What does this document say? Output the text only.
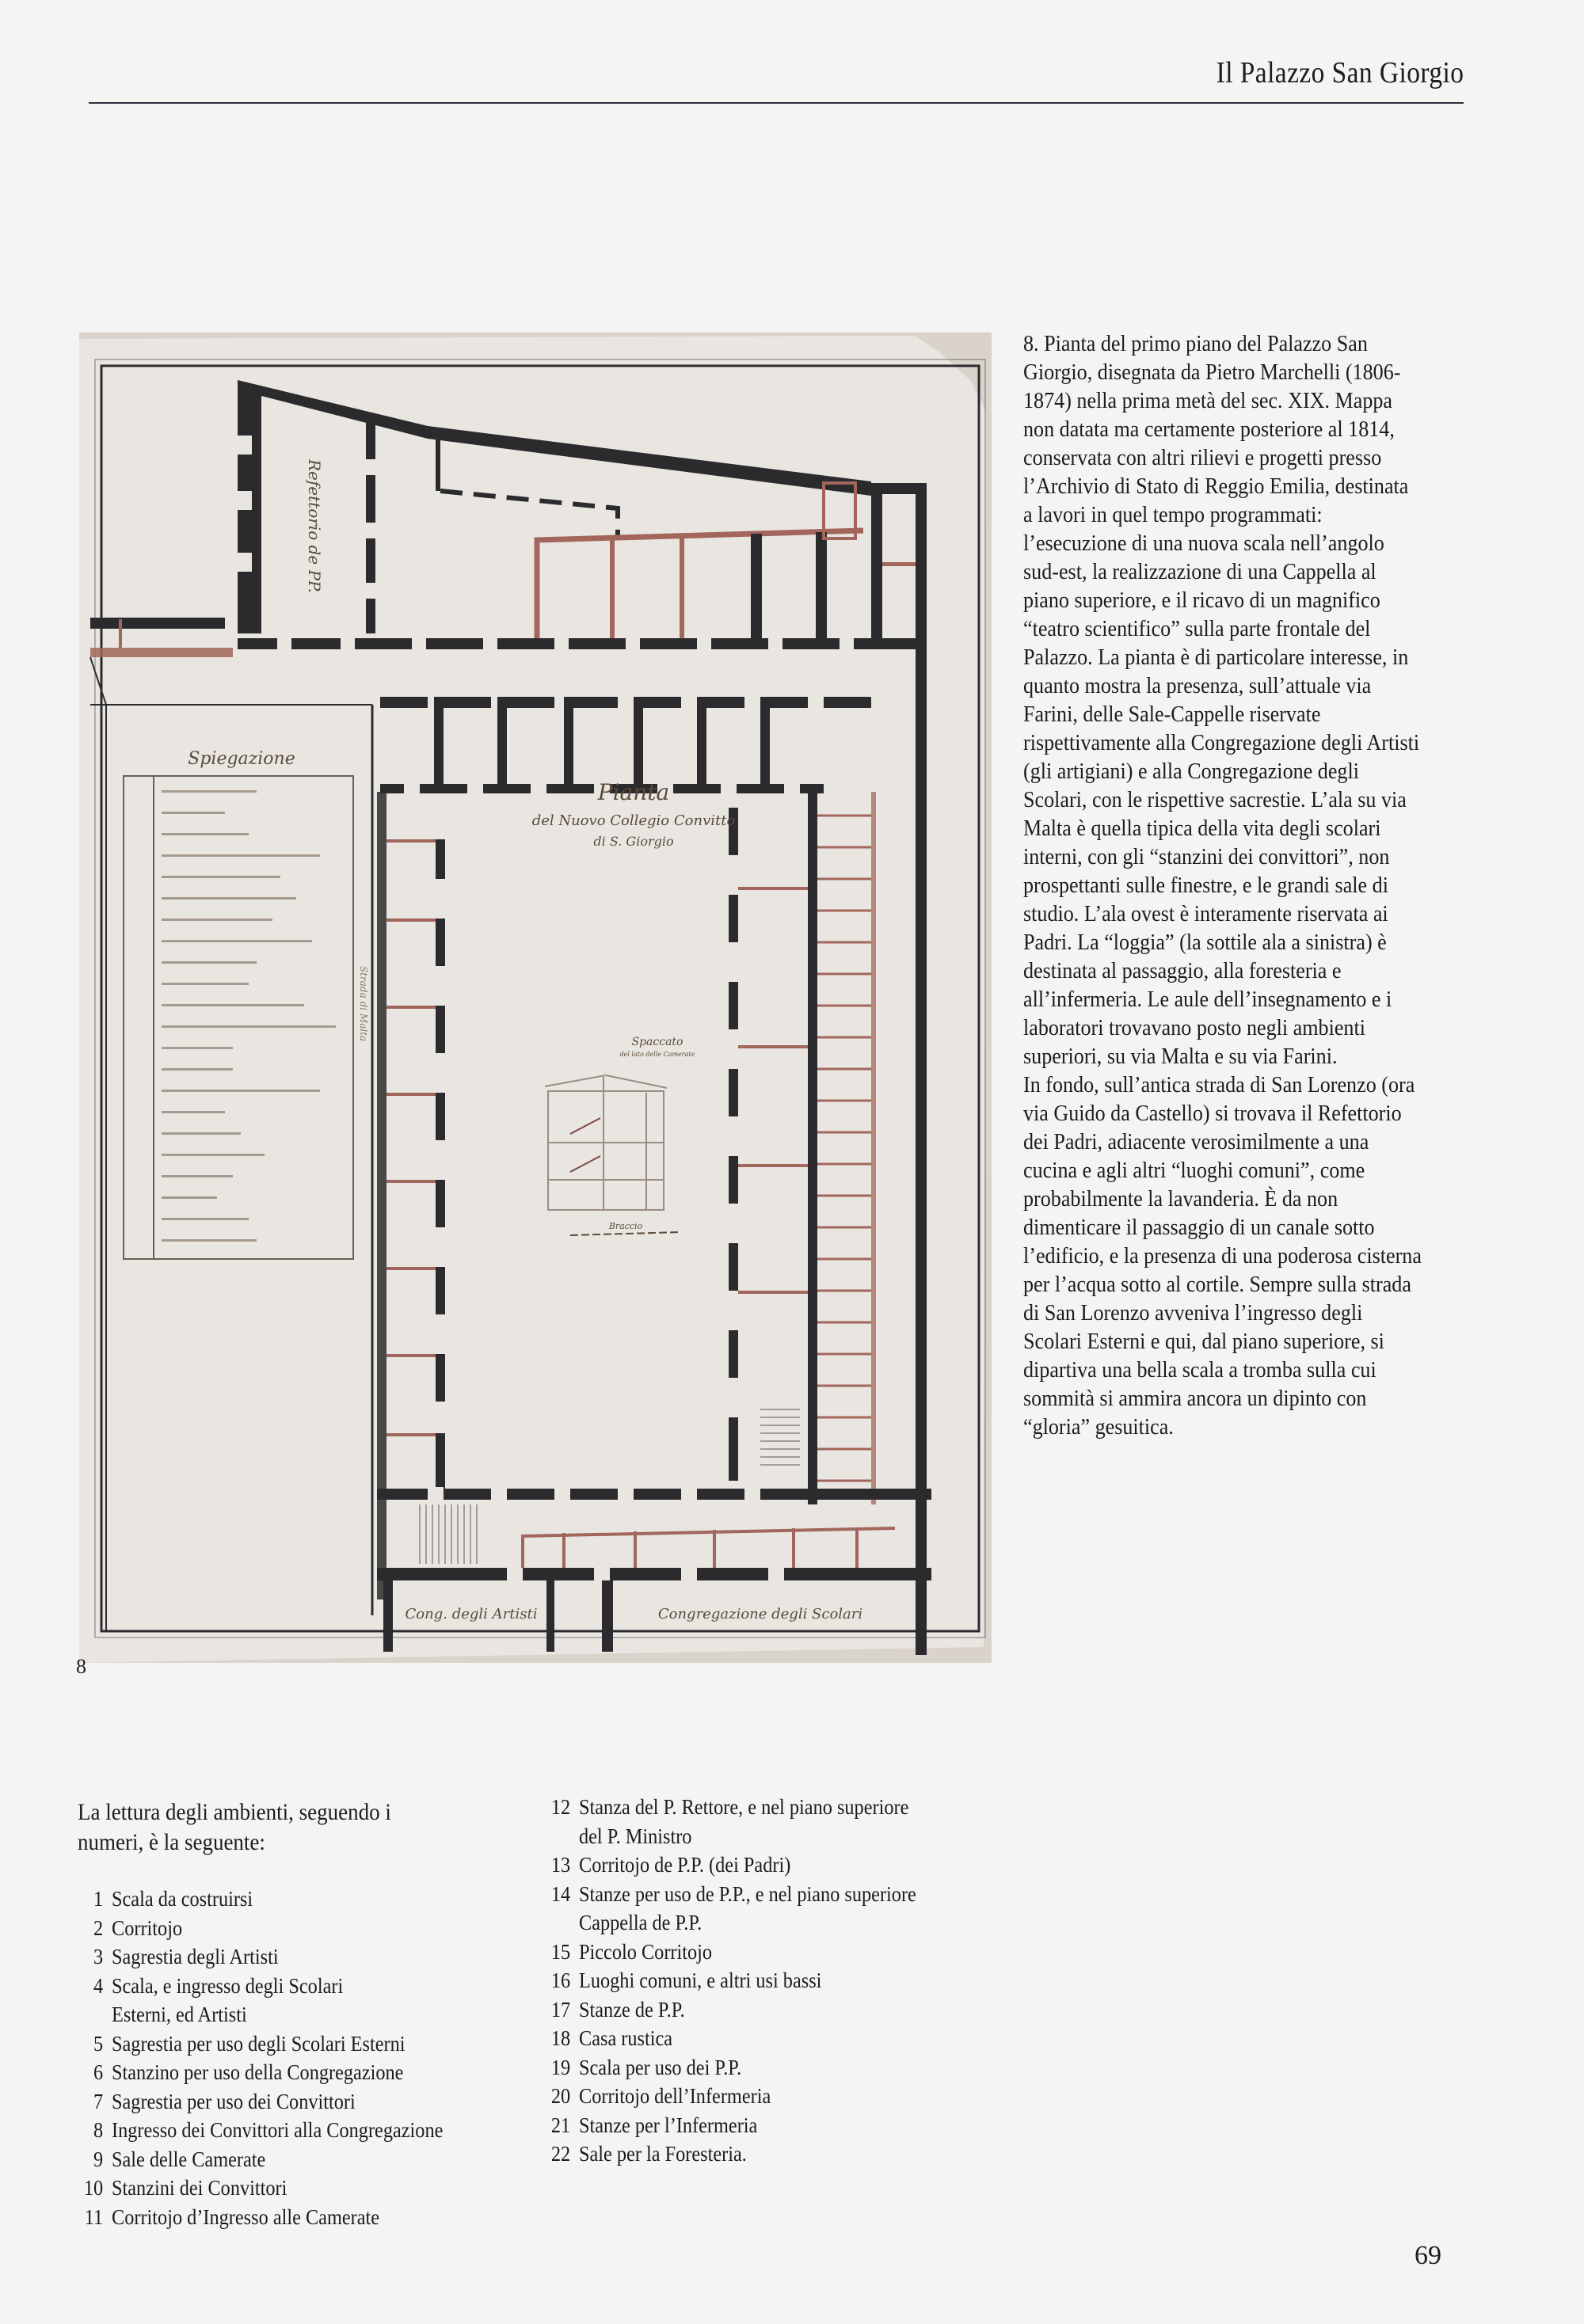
Il Palazzo San Giorgio
Spiegazione
Pianta
del Nuovo Collegio Convitto
di S. Giorgio
Refettorio de PP.
Strada di Malta
Spaccato
del lato delle Camerate
Braccio
Cong. degli Artisti	Congregazione degli Scolari
8

8. Pianta del primo piano del Palazzo San Giorgio, disegnata da Pietro Marchelli (1806-1874) nella prima metà del sec. XIX. Mappa non datata ma certamente posteriore al 1814, conservata con altri rilievi e progetti presso l’Archivio di Stato di Reggio Emilia, destinata a lavori in quel tempo programmati: l’esecuzione di una nuova scala nell’angolo sud-est, la realizzazione di una Cappella al piano superiore, e il ricavo di un magnifico “teatro scientifico” sulla parte frontale del Palazzo. La pianta è di particolare interesse, in quanto mostra la presenza, sull’attuale via Farini, delle Sale-Cappelle riservate rispettivamente alla Congregazione degli Artisti (gli artigiani) e alla Congregazione degli Scolari, con le rispettive sacrestie. L’ala su via Malta è quella tipica della vita degli scolari interni, con gli “stanzini dei convittori”, non prospettanti sulle finestre, e le grandi sale di studio. L’ala ovest è interamente riservata ai Padri. La “loggia” (la sottile ala a sinistra) è destinata al passaggio, alla foresteria e all’infermeria. Le aule dell’insegnamento e i laboratori trovavano posto negli ambienti superiori, su via Malta e su via Farini.

In fondo, sull’antica strada di San Lorenzo (ora via Guido da Castello) si trovava il Refettorio dei Padri, adiacente verosimilmente a una cucina e agli altri “luoghi comuni”, come probabilmente la lavanderia. È da non dimenticare il passaggio di un canale sotto l’edificio, e la presenza di una poderosa cisterna per l’acqua sotto al cortile. Sempre sulla strada di San Lorenzo avveniva l’ingresso degli Scolari Esterni e qui, dal piano superiore, si dipartiva una bella scala a tromba sulla cui sommità si ammira ancora un dipinto con “gloria” gesuitica.

La lettura degli ambienti, seguendo i numeri, è la seguente:
1 Scala da costruirsi
2 Corritojo
3 Sagrestia degli Artisti
4 Scala, e ingresso degli Scolari Esterni, ed Artisti
5 Sagrestia per uso degli Scolari Esterni
6 Stanzino per uso della Congregazione
7 Sagrestia per uso dei Convittori
8 Ingresso dei Convittori alla Congregazione
9 Sale delle Camerate
10 Stanzini dei Convittori
11 Corritojo d’Ingresso alle Camerate
12 Stanza del P. Rettore, e nel piano superiore del P. Ministro
13 Corritojo de P.P. (dei Padri)
14 Stanze per uso de P.P., e nel piano superiore Cappella de P.P.
15 Piccolo Corritojo
16 Luoghi comuni, e altri usi bassi
17 Stanze de P.P.
18 Casa rustica
19 Scala per uso dei P.P.
20 Corritojo dell’Infermeria
21 Stanze per l’Infermeria
22 Sale per la Foresteria.
69
